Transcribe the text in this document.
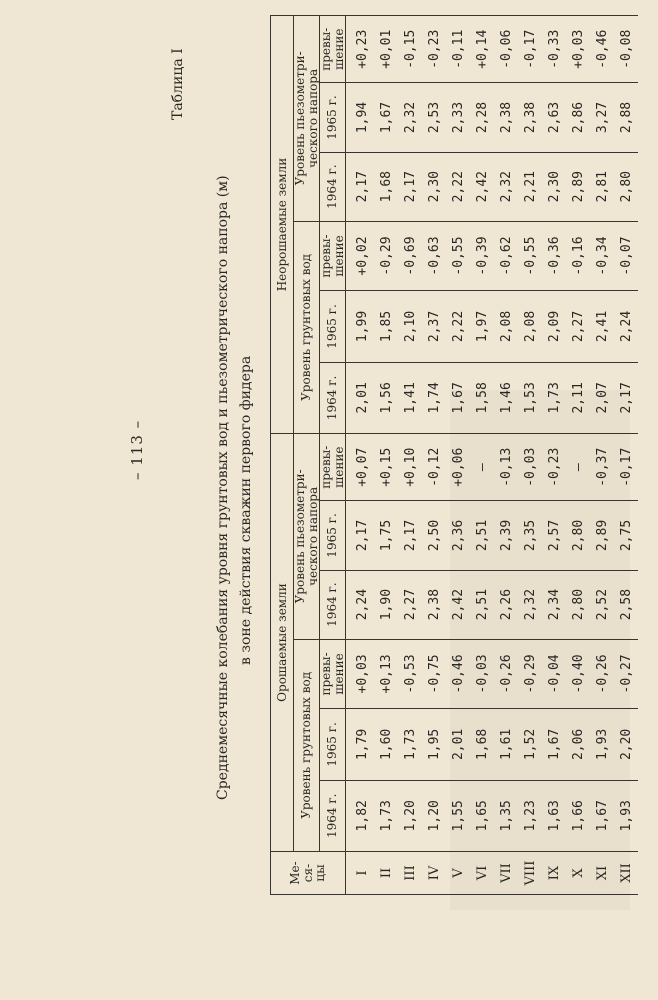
– 113 –
Таблица I
Среднемесячные колебания уровня грунтовых вод и пьезометрического напора (м) в зоне действия скважин первого фидера
Ме-
ся-
цы	Орошаемые земли						Неорошаемые земли					
	Уровень грунтовых вод			Уровень пьезометри-
ческого напора			Уровень грунтовых вод			Уровень пьезометри-
ческого напора		
	1964 г.	1965 г.	превы-
шение	1964 г.	1965 г.	превы-
шение	1964 г.	1965 г.	превы-
шение	1964 г.	1965 г.	превы-
шение
I	1,82	1,79	+0,03	2,24	2,17	+0,07	2,01	1,99	+0,02	2,17	1,94	+0,23
II	1,73	1,60	+0,13	1,90	1,75	+0,15	1,56	1,85	-0,29	1,68	1,67	+0,01
III	1,20	1,73	-0,53	2,27	2,17	+0,10	1,41	2,10	-0,69	2,17	2,32	-0,15
IV	1,20	1,95	-0,75	2,38	2,50	-0,12	1,74	2,37	-0,63	2,30	2,53	-0,23
V	1,55	2,01	-0,46	2,42	2,36	+0,06	1,67	2,22	-0,55	2,22	2,33	-0,11
VI	1,65	1,68	-0,03	2,51	2,51	–	1,58	1,97	-0,39	2,42	2,28	+0,14
VII	1,35	1,61	-0,26	2,26	2,39	-0,13	1,46	2,08	-0,62	2,32	2,38	-0,06
VIII	1,23	1,52	-0,29	2,32	2,35	-0,03	1,53	2,08	-0,55	2,21	2,38	-0,17
IX	1,63	1,67	-0,04	2,34	2,57	-0,23	1,73	2,09	-0,36	2,30	2,63	-0,33
X	1,66	2,06	-0,40	2,80	2,80	–	2,11	2,27	-0,16	2,89	2,86	+0,03
XI	1,67	1,93	-0,26	2,52	2,89	-0,37	2,07	2,41	-0,34	2,81	3,27	-0,46
XII	1,93	2,20	-0,27	2,58	2,75	-0,17	2,17	2,24	-0,07	2,80	2,88	-0,08
